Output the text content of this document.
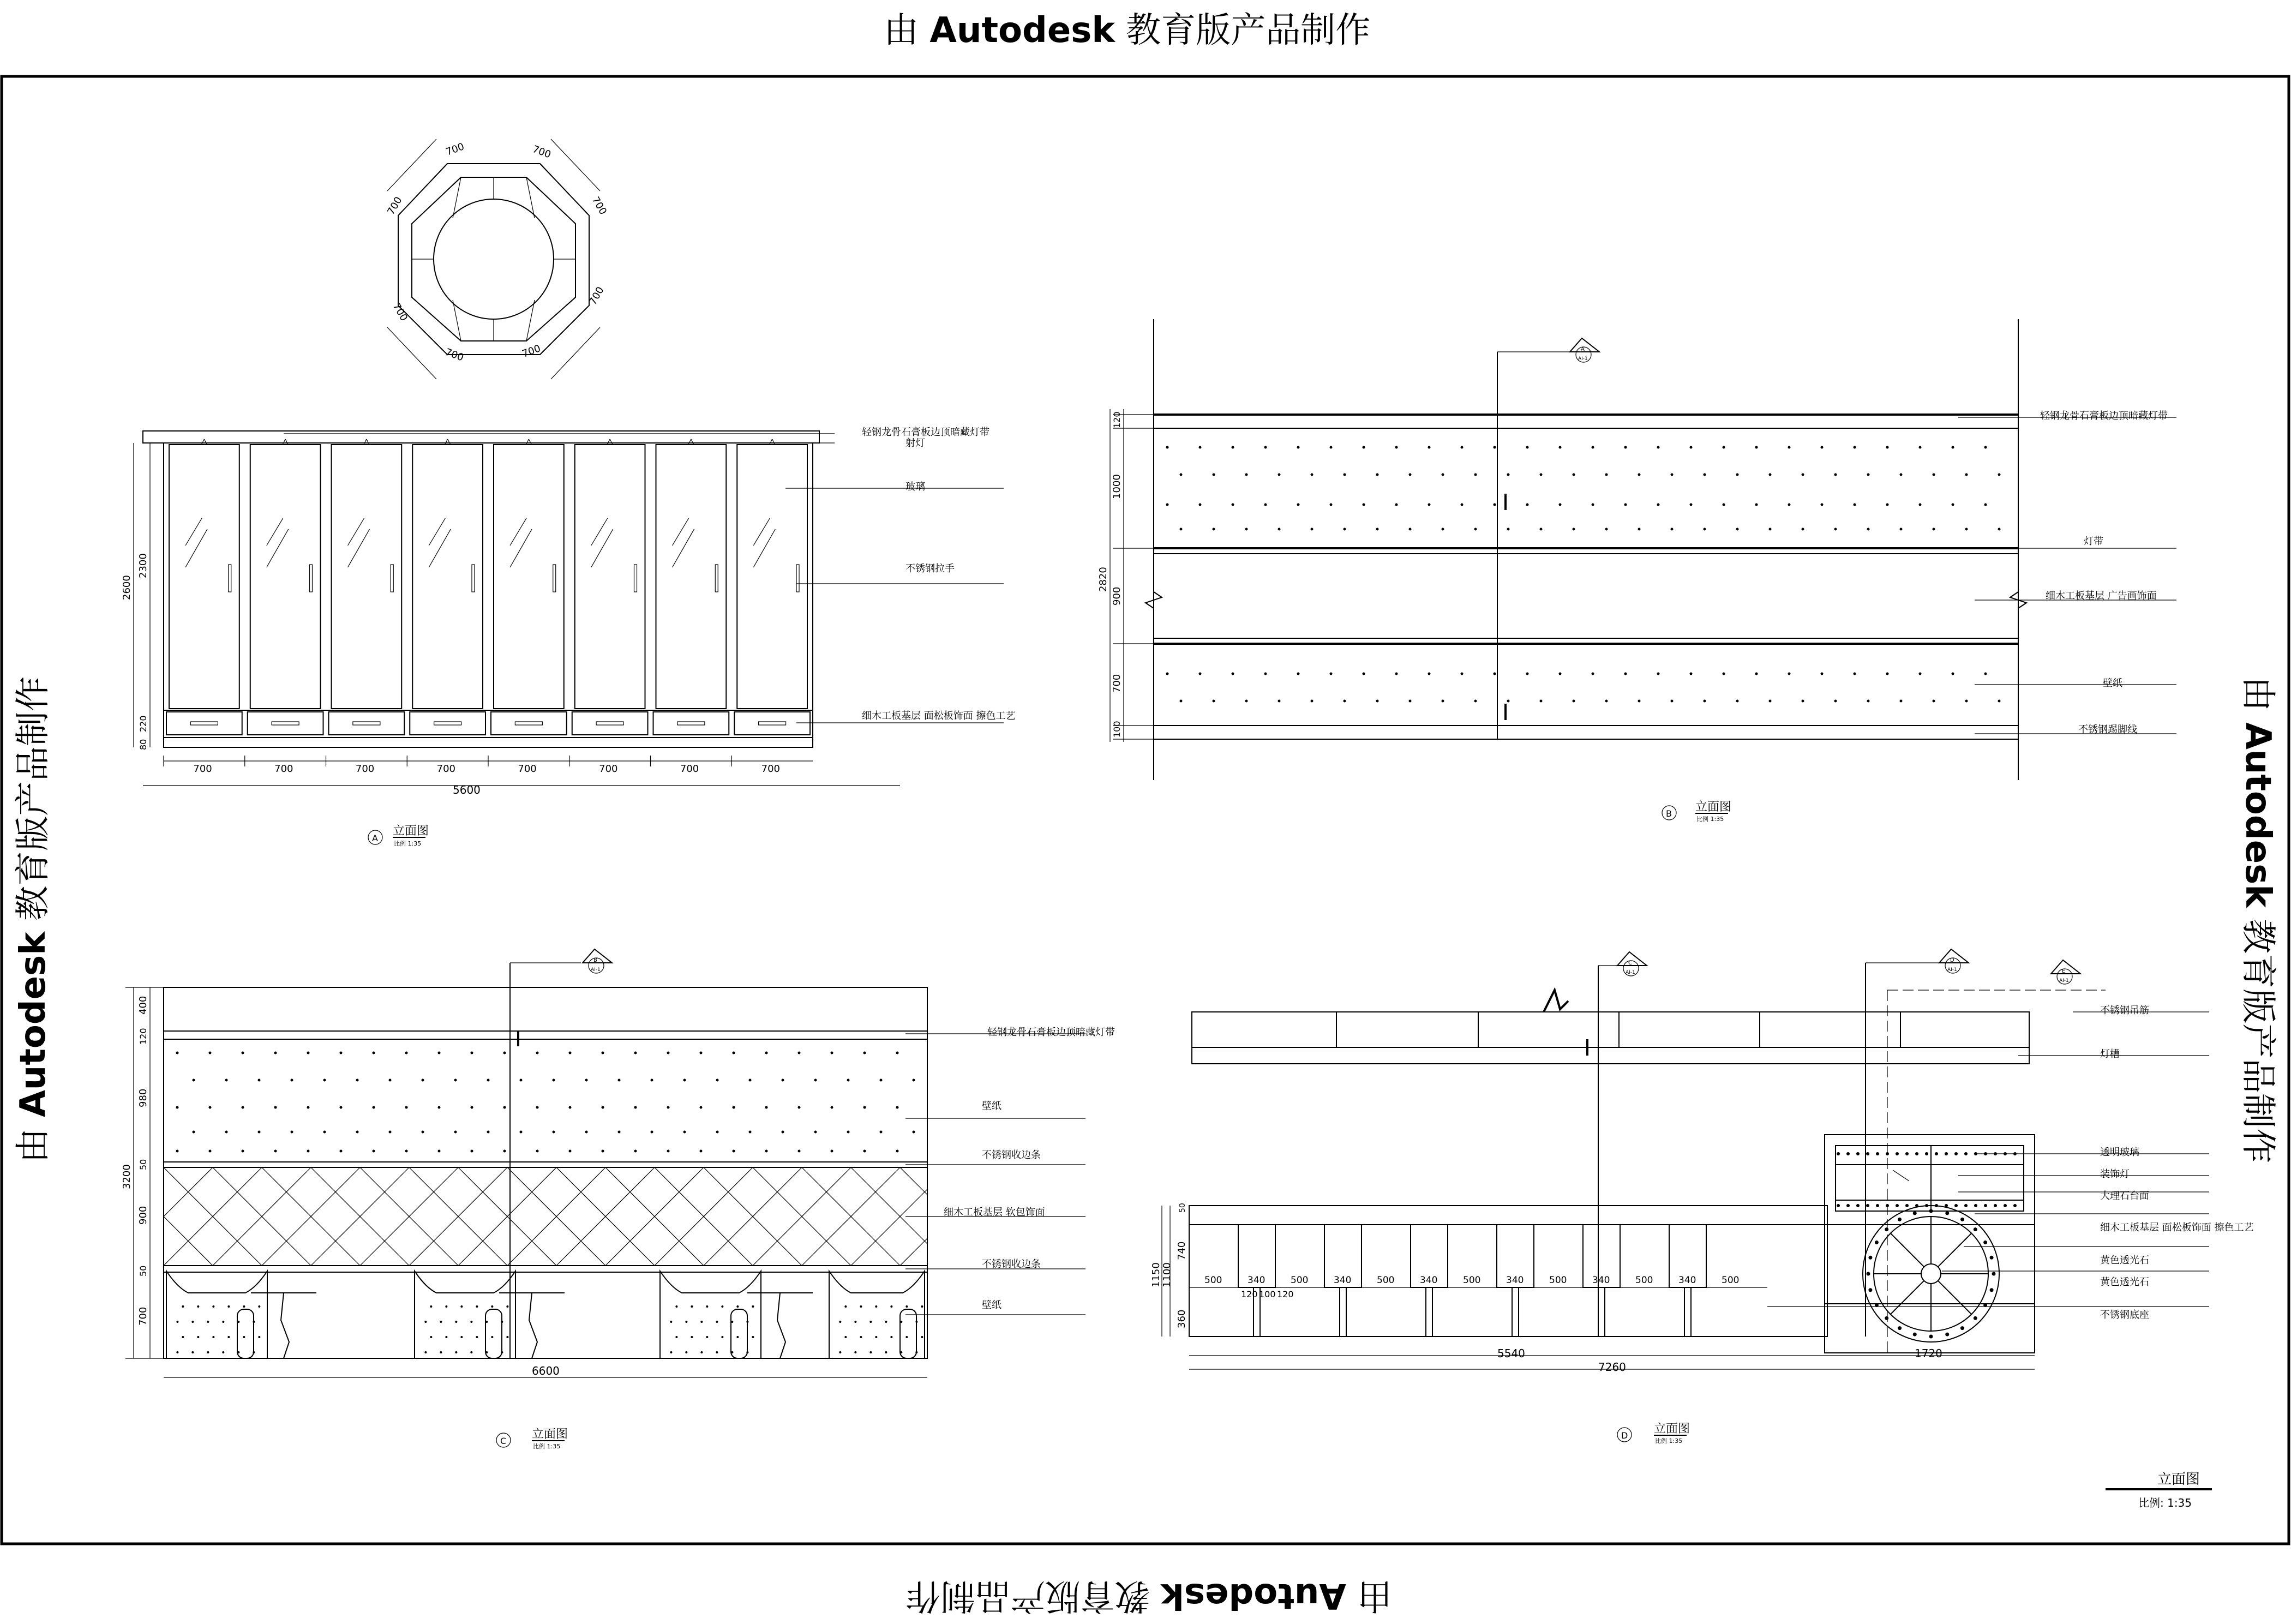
由 Autodesk 教育版产品制作
由 Autodesk 教育版产品制作
由 Autodesk 教育版产品制作	由 Autodesk 教育版产品制作
700	700
700
700
700
700
700
700
轻钢龙骨石膏板边顶暗藏灯带
射灯
玻璃
不锈钢拉手
细木工板基层 面松板饰面 擦色工艺
2600
2300
80
220
700	700	700	700	700	700	700	700
5600
A
立面图
比例 1:35
轻钢龙骨石膏板边顶暗藏灯带
灯带
细木工板基层 广告画饰面
壁纸
不锈钢踢脚线
120
1000
2820
900
700
100
A
AI-1
B 立面图
比例 1:35
轻钢龙骨石膏板边顶暗藏灯带
壁纸
不锈钢收边条
细木工板基层 软包饰面
不锈钢收边条
壁纸
400
120
980
3200 50
900
50
700
6600
B
AI-1
C 立面图
比例 1:35
不锈钢吊筋
灯槽
透明玻璃
装饰灯
大理石台面
细木工板基层 面松板饰面 擦色工艺
黄色透光石
黄色透光石
不锈钢底座
50
740
1150 1100
360
500	340	500	340	500	340	500	340	500	340	500	340	500
120 100 120
5540	1720
7260
C
AI-1
D
AI-1	E
AI-1
D 立面图
比例 1:35
立面图
比例: 1:35
